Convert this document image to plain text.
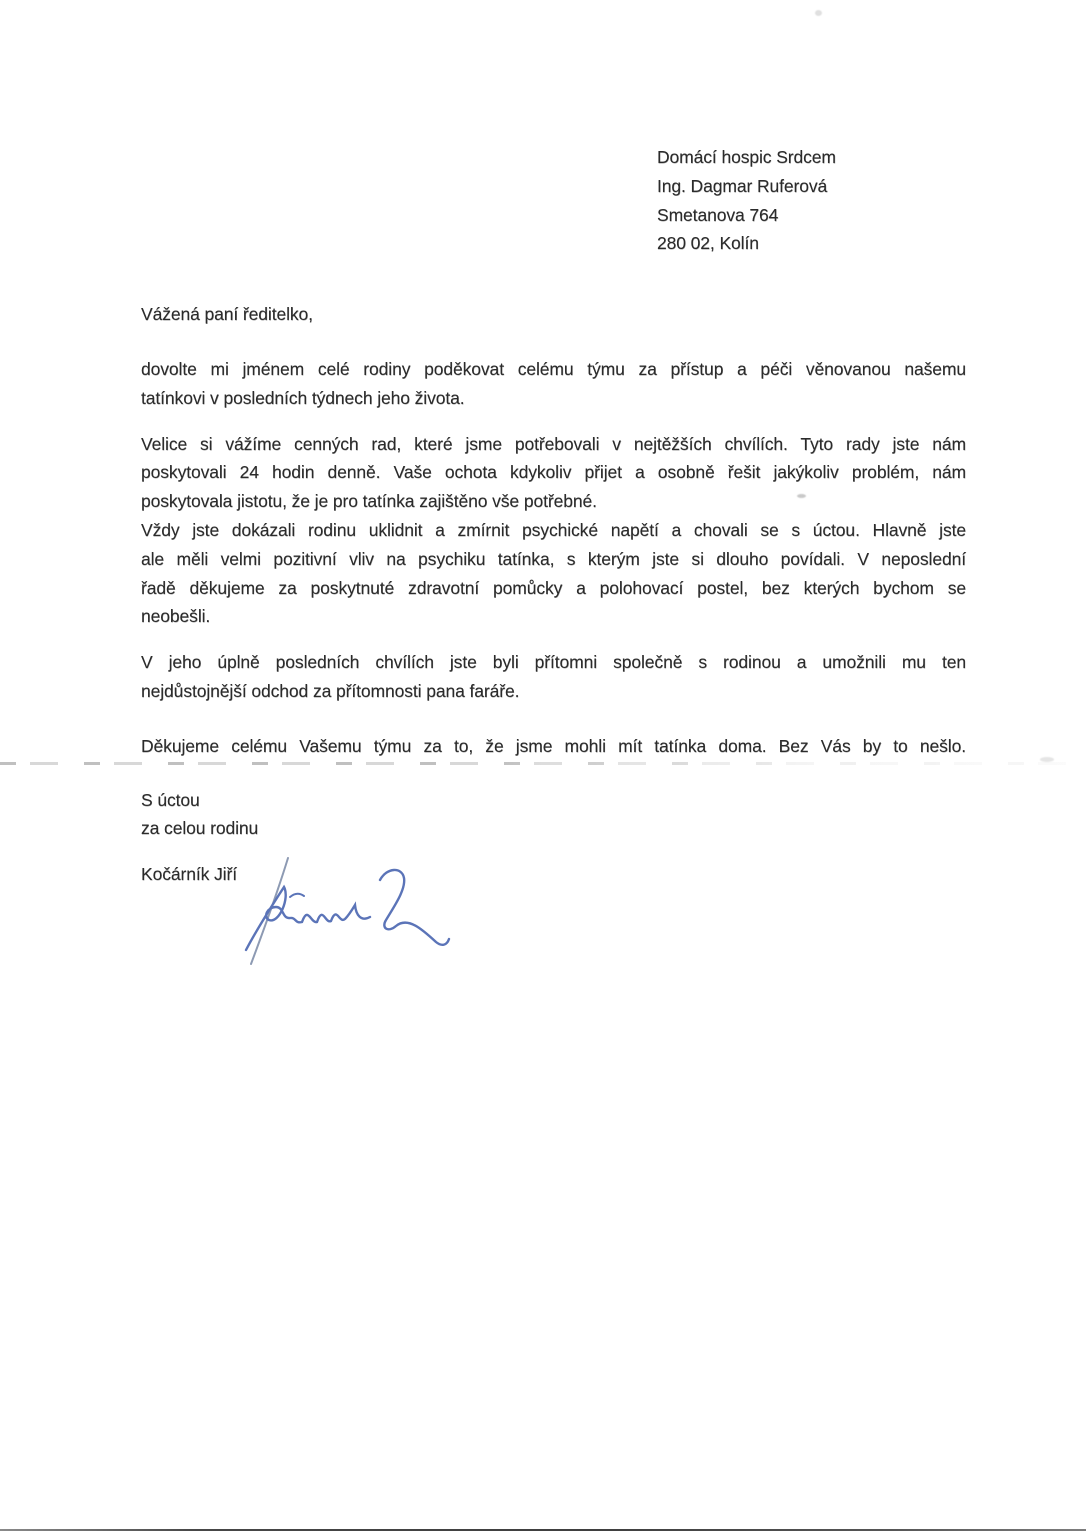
Domácí hospic Srdcem
Ing. Dagmar Ruferová
Smetanova 764
280 02, Kolín
Vážená paní ředitelko,
dovolte mi jménem celé rodiny poděkovat celému týmu za přístup a péči věnovanou našemu
tatínkovi v posledních týdnech jeho života.
Velice si vážíme cenných rad, které jsme potřebovali v nejtěžších chvílích. Tyto rady jste nám
poskytovali 24 hodin denně. Vaše ochota kdykoliv přijet a osobně řešit jakýkoliv problém, nám
poskytovala jistotu, že je pro tatínka zajištěno vše potřebné.
Vždy jste dokázali rodinu uklidnit a zmírnit psychické napětí a chovali se s úctou. Hlavně jste
ale měli velmi pozitivní vliv na psychiku tatínka, s kterým jste si dlouho povídali. V neposlední
řadě děkujeme za poskytnuté zdravotní pomůcky a polohovací postel, bez kterých bychom se
neobešli.
V jeho úplně posledních chvílích jste byli přítomni společně s rodinou a umožnili mu ten
nejdůstojnější odchod za přítomnosti pana faráře.
Děkujeme celému Vašemu týmu za to, že jsme mohli mít tatínka doma. Bez Vás by to nešlo.
S úctou
za celou rodinu
Kočárník Jiří
